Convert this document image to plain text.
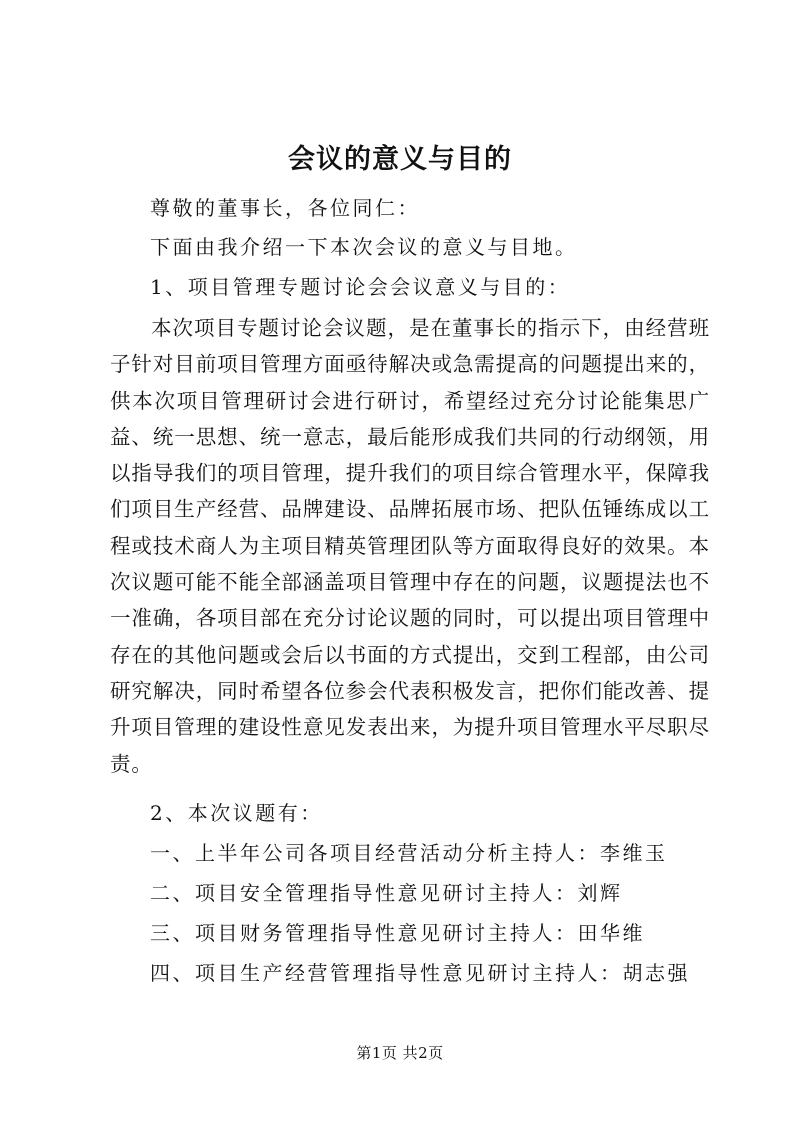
会议的意义与目的
尊敬的董事长，各位同仁：
下面由我介绍一下本次会议的意义与目地。
1、项目管理专题讨论会会议意义与目的：
本次项目专题讨论会议题，是在董事长的指示下，由经营班子针对目前项目管理方面亟待解决或急需提高的问题提出来的，供本次项目管理研讨会进行研讨，希望经过充分讨论能集思广益、统一思想、统一意志，最后能形成我们共同的行动纲领，用以指导我们的项目管理，提升我们的项目综合管理水平，保障我们项目生产经营、品牌建设、品牌拓展市场、把队伍锤练成以工程或技术商人为主项目精英管理团队等方面取得良好的效果。本次议题可能不能全部涵盖项目管理中存在的问题，议题提法也不一准确，各项目部在充分讨论议题的同时，可以提出项目管理中存在的其他问题或会后以书面的方式提出，交到工程部，由公司研究解决，同时希望各位参会代表积极发言，把你们能改善、提升项目管理的建设性意见发表出来，为提升项目管理水平尽职尽责。
2、本次议题有：
一、上半年公司各项目经营活动分析主持人：李维玉
二、项目安全管理指导性意见研讨主持人：刘辉
三、项目财务管理指导性意见研讨主持人：田华维
四、项目生产经营管理指导性意见研讨主持人：胡志强
第1页 共2页
